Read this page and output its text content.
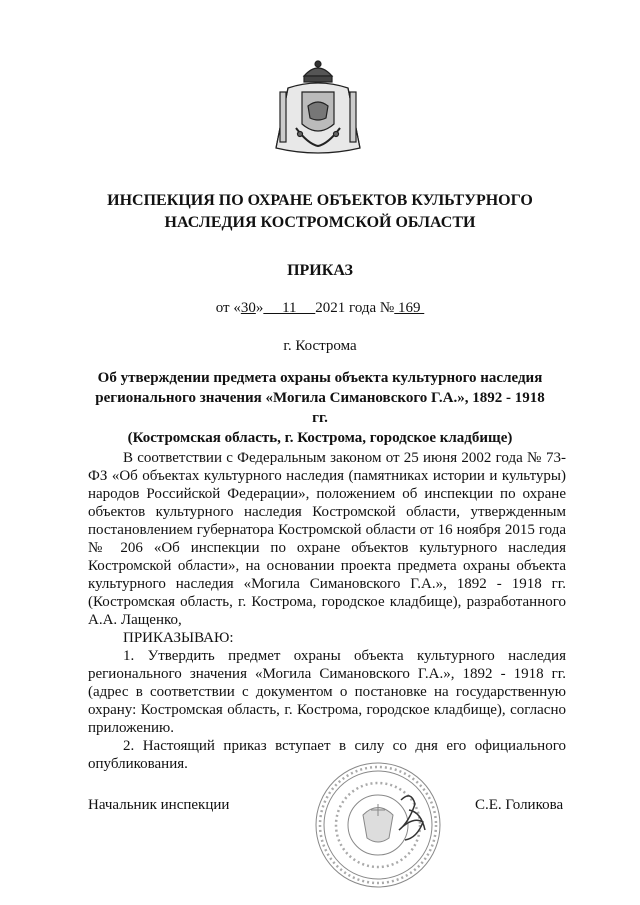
ИНСПЕКЦИЯ ПО ОХРАНЕ ОБЪЕКТОВ КУЛЬТУРНОГО
НАСЛЕДИЯ КОСТРОМСКОЙ ОБЛАСТИ
ПРИКАЗ
от «30»     11     2021 года № 169
г. Кострома
Об утверждении предмета охраны объекта культурного наследия
регионального значения «Могила Симановского Г.А.», 1892 - 1918 гг.
(Костромская область, г. Кострома, городское кладбище)

В соответствии с Федеральным законом от 25 июня 2002 года № 73-ФЗ «Об объектах культурного наследия (памятниках истории и культуры) народов Российской Федерации», положением об инспекции по охране объектов культурного наследия Костромской области, утвержденным постановлением губернатора Костромской области от 16 ноября 2015 года № 206 «Об инспекции по охране объектов культурного наследия Костромской области», на основании проекта предмета охраны объекта культурного наследия «Могила Симановского Г.А.», 1892 - 1918 гг. (Костромская область, г. Кострома, городское кладбище), разработанного А.А. Лащенко,

ПРИКАЗЫВАЮ:

1. Утвердить предмет охраны объекта культурного наследия регионального значения «Могила Симановского Г.А.», 1892 - 1918 гг. (адрес в соответствии с документом о постановке на государственную охрану: Костромская область, г. Кострома, городское кладбище), согласно приложению.

2. Настоящий приказ вступает в силу со дня его официального опубликования.

Начальник инспекции	С.Е. Голикова
